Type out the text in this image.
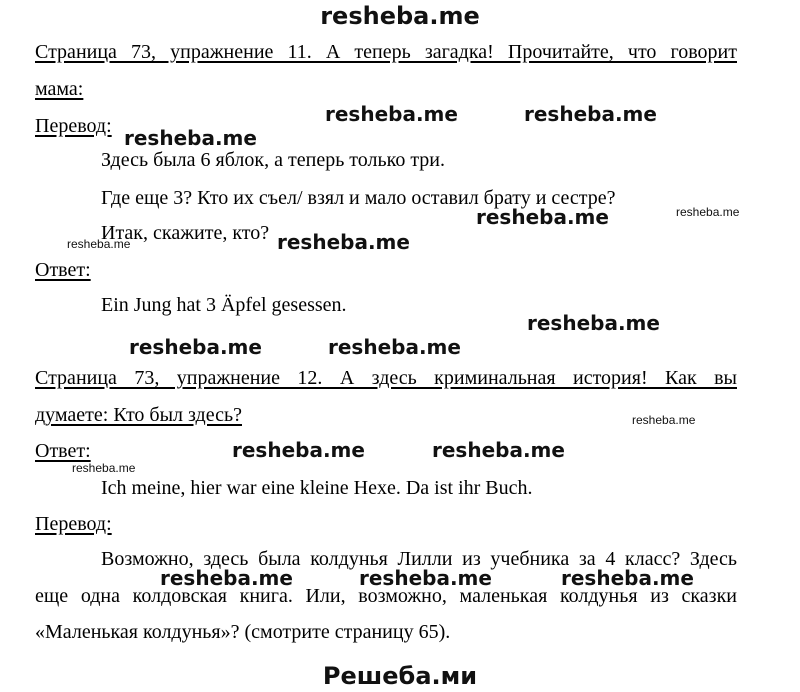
resheba.me
Страница 73, упражнение 11. А теперь загадка! Прочитайте, что говорит
мама:
Перевод:
Здесь была 6 яблок, а теперь только три.
Где еще 3? Кто их съел/ взял и мало оставил брату и сестре?
Итак, скажите, кто?
Ответ:
Ein Jung hat 3 Äpfel gesessen.
Страница 73, упражнение 12. А здесь криминальная история! Как вы
думаете: Кто был здесь?
Ответ:
Ich meine, hier war eine kleine Hexe. Da ist ihr Buch.
Перевод:
Возможно, здесь была колдунья Лилли из учебника за 4 класс? Здесь
еще одна колдовская книга. Или, возможно, маленькая колдунья из сказки
«Маленькая колдунья»? (смотрите страницу 65).
resheba.me	resheba.me
resheba.me
resheba.me
resheba.me
resheba.me
resheba.me	resheba.me
resheba.me	resheba.me
resheba.me	resheba.me	resheba.me
resheba.me
resheba.me
resheba.me
resheba.me
Решеба.ми
